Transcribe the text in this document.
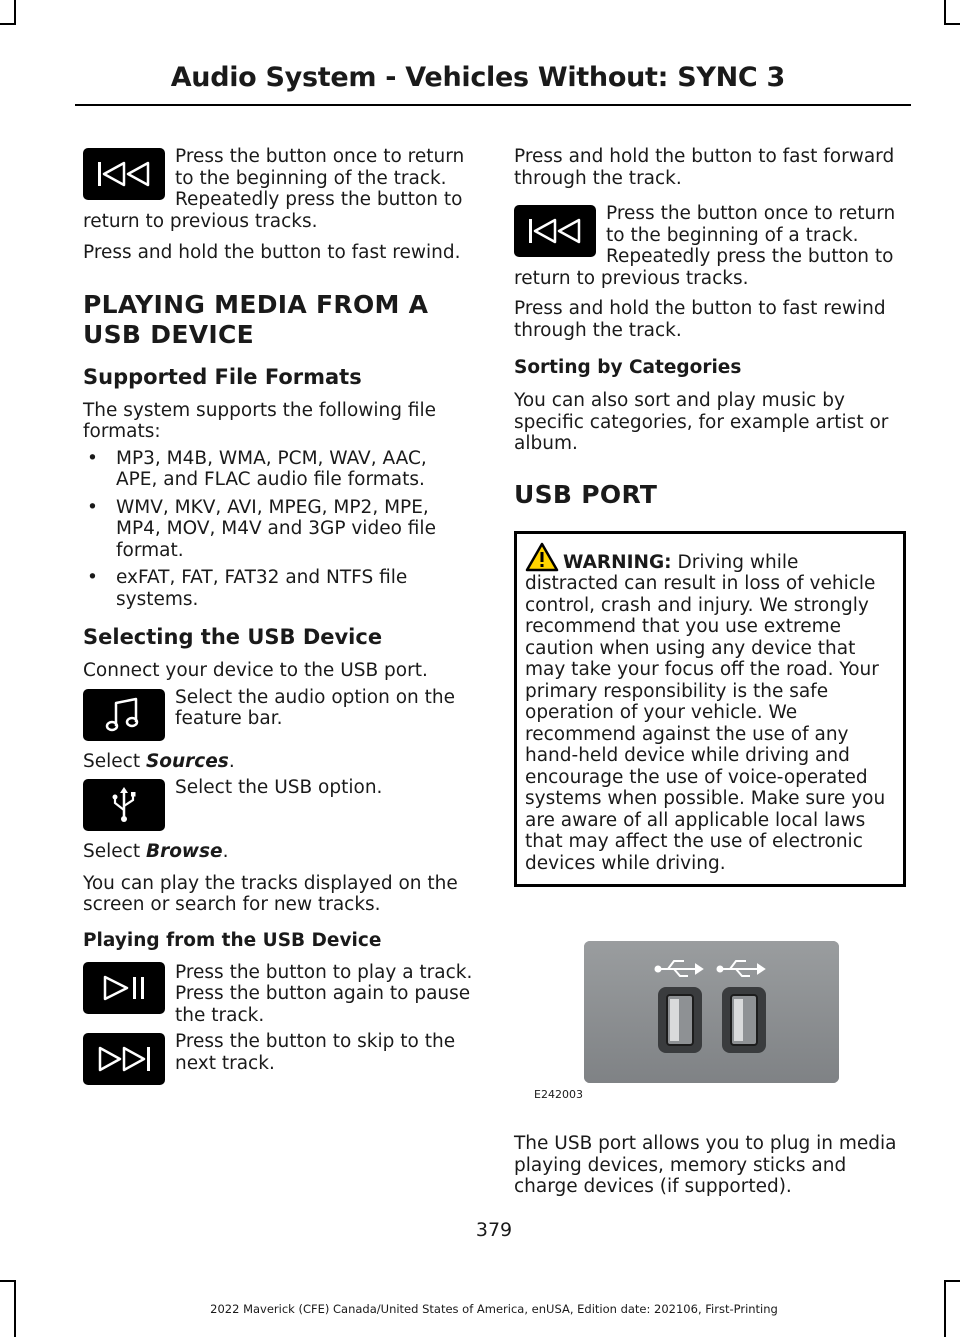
Audio System - Vehicles Without: SYNC 3

Press the button once to return to the beginning of the track. Repeatedly press the button to return to previous tracks.

Press and hold the button to fast rewind.

PLAYING MEDIA FROM A USB DEVICE
Supported File Formats

The system supports the following file formats:

• MP3, M4B, WMA, PCM, WAV, AAC, APE, and FLAC audio file formats.
• WMV, MKV, AVI, MPEG, MP2, MPE, MP4, MOV, M4V and 3GP video file format.
• exFAT, FAT, FAT32 and NTFS file systems.
Selecting the USB Device

Connect your device to the USB port.

Select the audio option on the feature bar.

Select Sources.

Select the USB option.

Select Browse.

You can play the tracks displayed on the screen or search for new tracks.

Playing from the USB Device

Press the button to play a track. Press the button again to pause the track.

Press the button to skip to the next track.

Press and hold the button to fast forward through the track.

Press the button once to return to the beginning of a track. Repeatedly press the button to return to previous tracks.

Press and hold the button to fast rewind through the track.

Sorting by Categories

You can also sort and play music by specific categories, for example artist or album.

USB PORT
WARNING: Driving while distracted can result in loss of vehicle control, crash and injury. We strongly recommend that you use extreme caution when using any device that may take your focus off the road. Your primary responsibility is the safe operation of your vehicle. We recommend against the use of any hand-held device while driving and encourage the use of voice-operated systems when possible. Make sure you are aware of all applicable local laws that may affect the use of electronic devices while driving.
E242003

The USB port allows you to plug in media playing devices, memory sticks and charge devices (if supported).

379
2022 Maverick (CFE) Canada/United States of America, enUSA, Edition date: 202106, First-Printing
